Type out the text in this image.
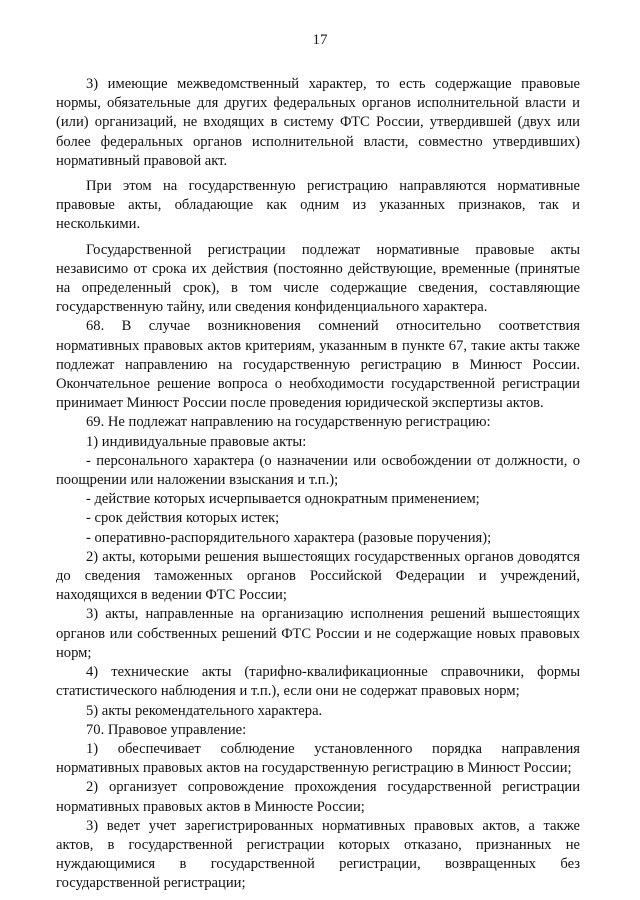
17

3) имеющие межведомственный характер, то есть содержащие правовые нормы, обязательные для других федеральных органов исполнительной власти и (или) организаций, не входящих в систему ФТС России, утвердившей (двух или более федеральных органов исполнительной власти, совместно утвердивших) нормативный правовой акт.

При этом на государственную регистрацию направляются нормативные правовые акты, обладающие как одним из указанных признаков, так и несколькими.

Государственной регистрации подлежат нормативные правовые акты независимо от срока их действия (постоянно действующие, временные (принятые на определенный срок), в том числе содержащие сведения, составляющие государственную тайну, или сведения конфиденциального характера.

68. В случае возникновения сомнений относительно соответствия нормативных правовых актов критериям, указанным в пункте 67, такие акты также подлежат направлению на государственную регистрацию в Минюст России. Окончательное решение вопроса о необходимости государственной регистрации принимает Минюст России после проведения юридической экспертизы актов.

69. Не подлежат направлению на государственную регистрацию:

1) индивидуальные правовые акты:

- персонального характера (о назначении или освобождении от должности, о поощрении или наложении взыскания и т.п.);

- действие которых исчерпывается однократным применением;

- срок действия которых истек;

- оперативно-распорядительного характера (разовые поручения);

2) акты, которыми решения вышестоящих государственных органов доводятся до сведения таможенных органов Российской Федерации и учреждений, находящихся в ведении ФТС России;

3) акты, направленные на организацию исполнения решений вышестоящих органов или собственных решений ФТС России и не содержащие новых правовых норм;

4) технические акты (тарифно-квалификационные справочники, формы статистического наблюдения и т.п.), если они не содержат правовых норм;

5) акты рекомендательного характера.

70. Правовое управление:

1) обеспечивает соблюдение установленного порядка направления нормативных правовых актов на государственную регистрацию в Минюст России;

2) организует сопровождение прохождения государственной регистрации нормативных правовых актов в Минюсте России;

3) ведет учет зарегистрированных нормативных правовых актов, а также актов, в государственной регистрации которых отказано, признанных не нуждающимися в государственной регистрации, возвращенных без государственной регистрации;
